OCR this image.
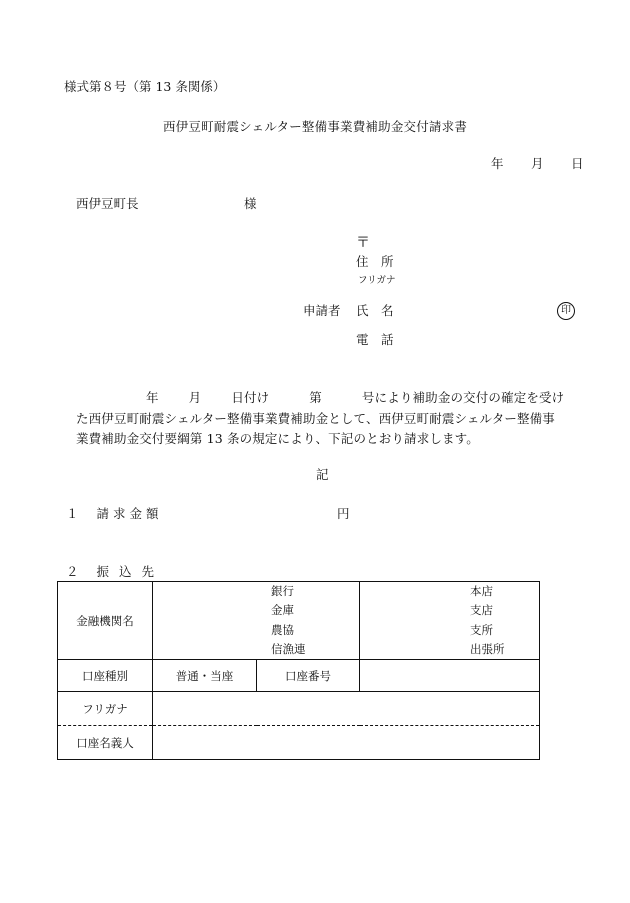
様式第８号（第 13 条関係）
西伊豆町耐震シェルター整備事業費補助金交付請求書
年 月 日
西伊豆町長	様
〒
住　所
フリガナ
申請者 氏　名	印
電　話
年 月 日付け	第	号により補助金の交付の確定を受け
た西伊豆町耐震シェルター整備事業費補助金として、西伊豆町耐震シェルター整備事
業費補助金交付要綱第 13 条の規定により、下記のとおり請求します。
記
１ 請求金額	円
２ 振込先
金融機関名	銀行
金庫
農協
信漁連		本店
支店
支所
出張所

口座種別	普通・当座	口座番号	
フリガナ			
口座名義人			
